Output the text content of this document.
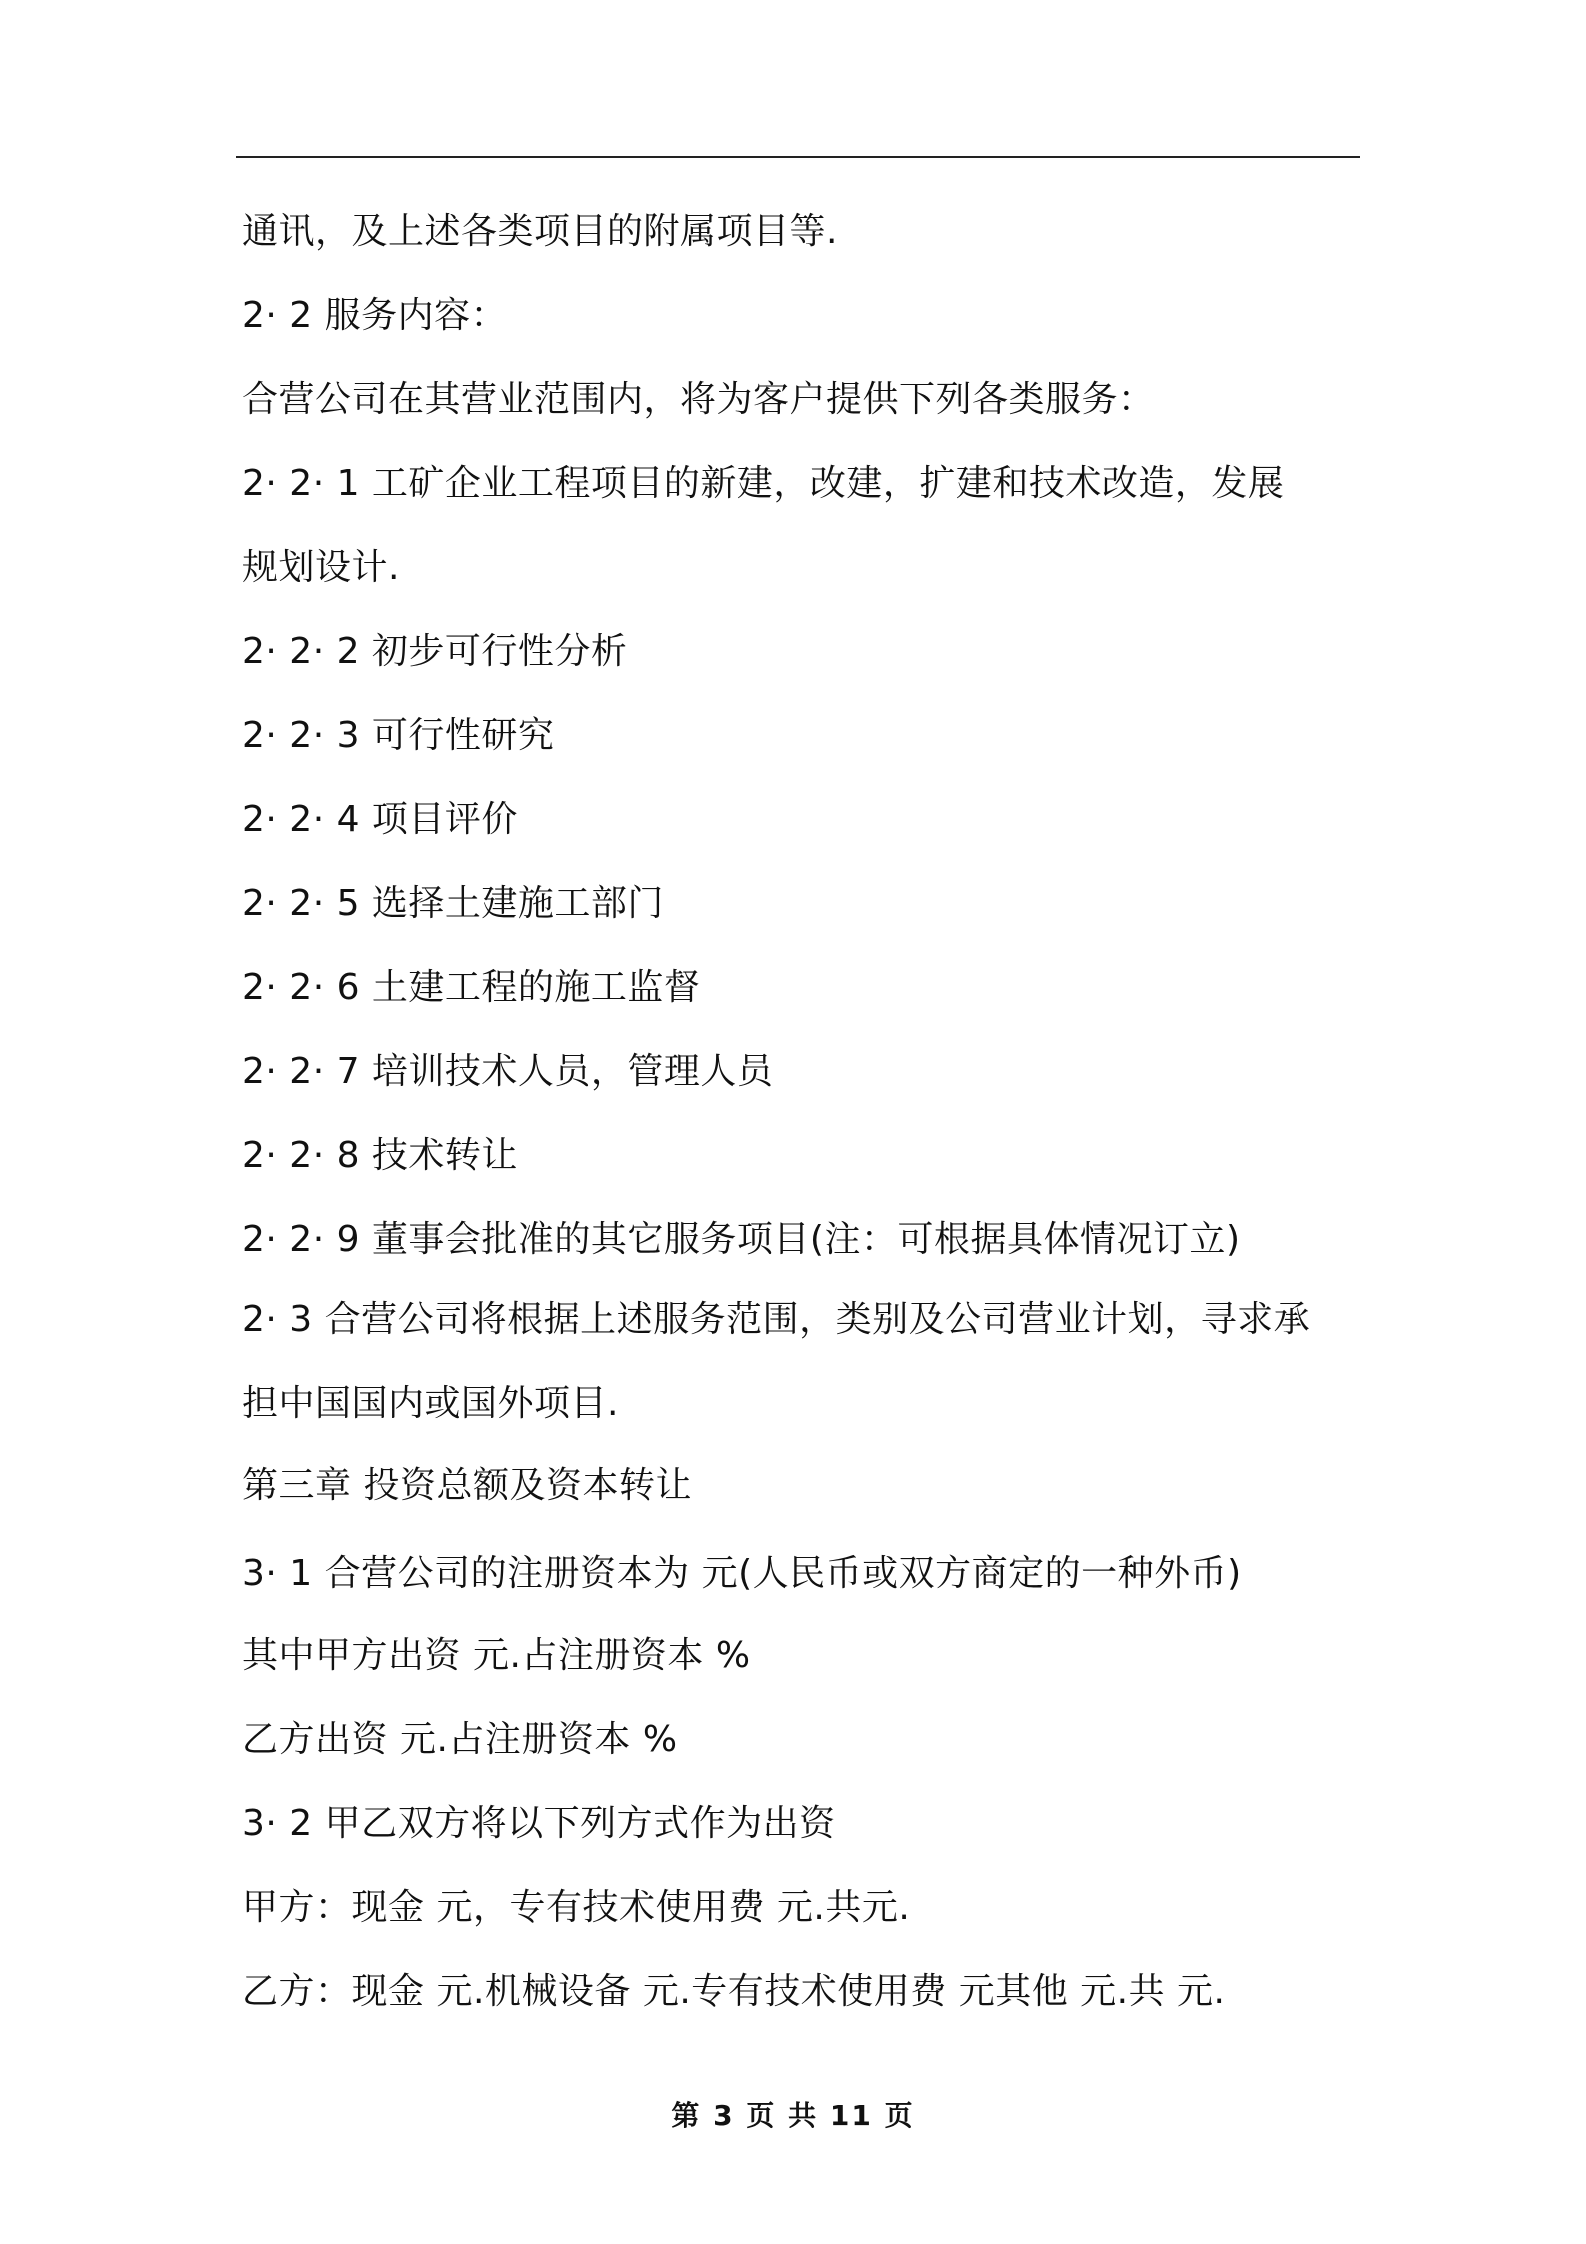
通讯，及上述各类项目的附属项目等.
2· 2 服务内容：
合营公司在其营业范围内，将为客户提供下列各类服务：
2· 2· 1 工矿企业工程项目的新建，改建，扩建和技术改造，发展
规划设计.
2· 2· 2 初步可行性分析
2· 2· 3 可行性研究
2· 2· 4 项目评价
2· 2· 5 选择土建施工部门
2· 2· 6 土建工程的施工监督
2· 2· 7 培训技术人员，管理人员
2· 2· 8 技术转让
2· 2· 9 董事会批准的其它服务项目(注：可根据具体情况订立)
2· 3 合营公司将根据上述服务范围，类别及公司营业计划，寻求承
担中国国内或国外项目.
第三章 投资总额及资本转让
3· 1 合营公司的注册资本为 元(人民币或双方商定的一种外币)
其中甲方出资 元.占注册资本 %
乙方出资 元.占注册资本 %
3· 2 甲乙双方将以下列方式作为出资
甲方：现金 元，专有技术使用费 元.共元.
乙方：现金 元.机械设备 元.专有技术使用费 元其他 元.共 元.
第 3 页 共 11 页
